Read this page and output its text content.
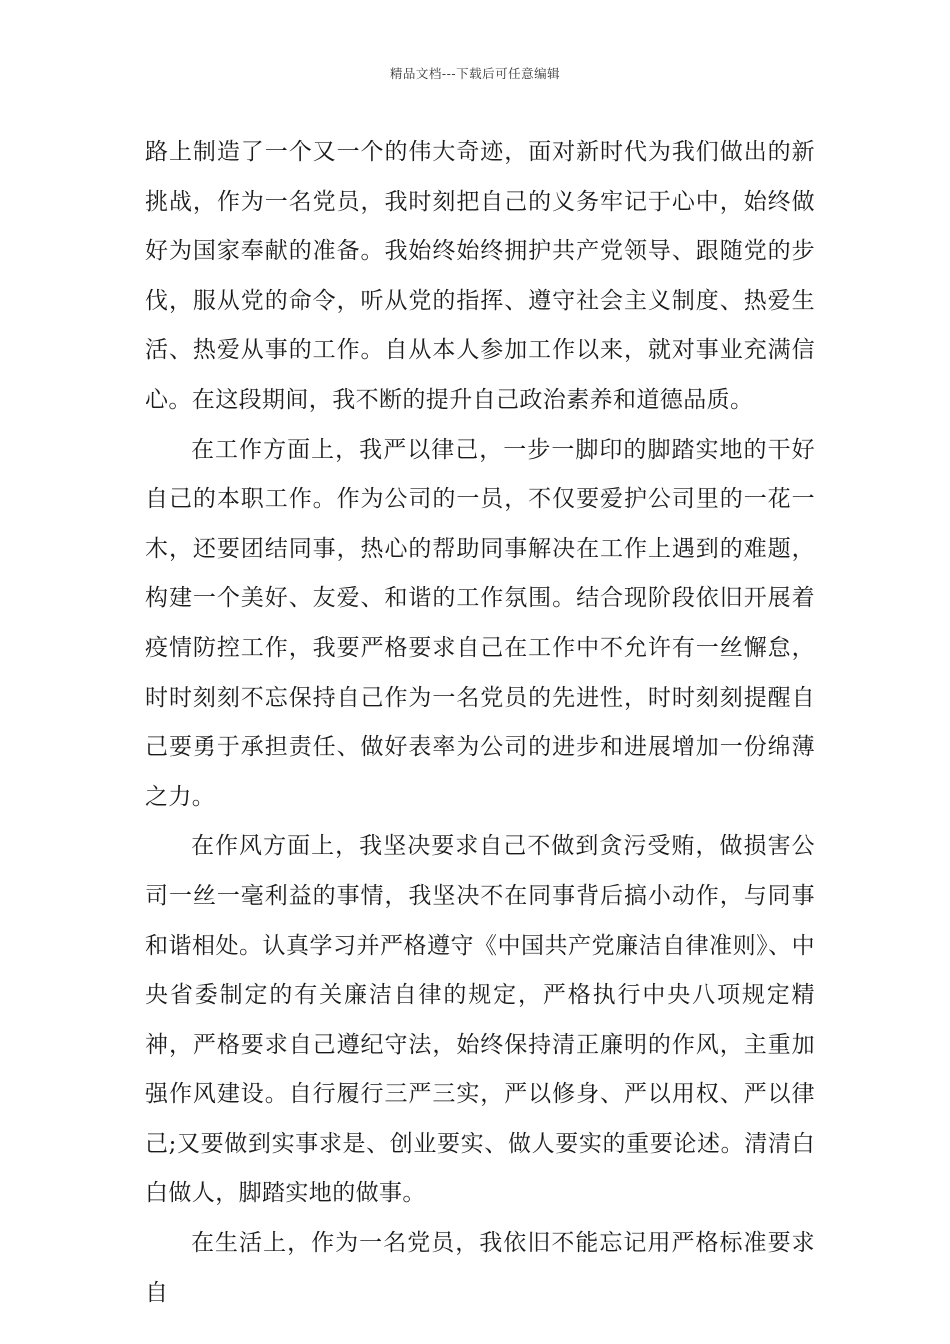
精品文档---下载后可任意编辑

路上制造了一个又一个的伟大奇迹，面对新时代为我们做出的新挑战，作为一名党员，我时刻把自己的义务牢记于心中，始终做好为国家奉献的准备。我始终始终拥护共产党领导、跟随党的步伐，服从党的命令，听从党的指挥、遵守社会主义制度、热爱生活、热爱从事的工作。自从本人参加工作以来，就对事业充满信心。在这段期间，我不断的提升自己政治素养和道德品质。

在工作方面上，我严以律己，一步一脚印的脚踏实地的干好自己的本职工作。作为公司的一员，不仅要爱护公司里的一花一木，还要团结同事，热心的帮助同事解决在工作上遇到的难题，构建一个美好、友爱、和谐的工作氛围。结合现阶段依旧开展着疫情防控工作，我要严格要求自己在工作中不允许有一丝懈怠，时时刻刻不忘保持自己作为一名党员的先进性，时时刻刻提醒自己要勇于承担责任、做好表率为公司的进步和进展增加一份绵薄之力。

在作风方面上，我坚决要求自己不做到贪污受贿，做损害公司一丝一毫利益的事情，我坚决不在同事背后搞小动作，与同事和谐相处。认真学习并严格遵守《中国共产党廉洁自律准则》、中央省委制定的有关廉洁自律的规定，严格执行中央八项规定精神，严格要求自己遵纪守法，始终保持清正廉明的作风，主重加强作风建设。自行履行三严三实，严以修身、严以用权、严以律己;又要做到实事求是、创业要实、做人要实的重要论述。清清白白做人，脚踏实地的做事。

在生活上，作为一名党员，我依旧不能忘记用严格标准要求自
